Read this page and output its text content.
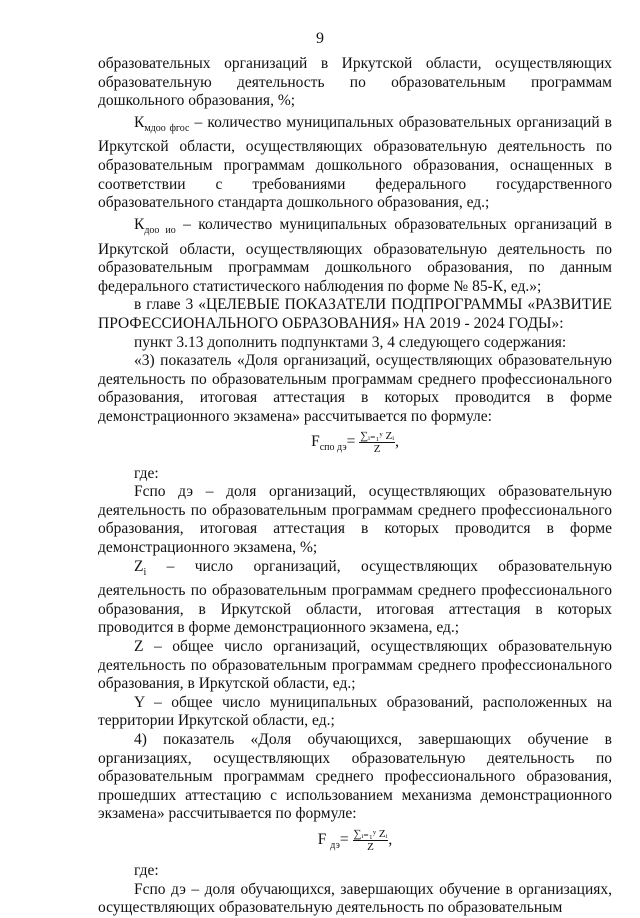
9

образовательных организаций в Иркутской области, осуществляющих образовательную деятельность по образовательным программам дошкольного образования, %;

$К_{мдоо фгос}$ – количество муниципальных образовательных организаций в Иркутской области, осуществляющих образовательную деятельность по образовательным программам дошкольного образования, оснащенных в соответствии с требованиями федерального государственного образовательного стандарта дошкольного образования, ед.;

$К_{доо ио}$ – количество муниципальных образовательных организаций в Иркутской области, осуществляющих образовательную деятельность по образовательным программам дошкольного образования, по данным федерального статистического наблюдения по форме № 85-К, ед.»;

в главе 3 «ЦЕЛЕВЫЕ ПОКАЗАТЕЛИ ПОДПРОГРАММЫ «РАЗВИТИЕ ПРОФЕССИОНАЛЬНОГО ОБРАЗОВАНИЯ» НА 2019 - 2024 ГОДЫ»:

пункт 3.13 дополнить подпунктами 3, 4 следующего содержания:

«3) показатель «Доля организаций, осуществляющих образовательную деятельность по образовательным программам среднего профессионального образования, итоговая аттестация в которых проводится в форме демонстрационного экзамена» рассчитывается по формуле:

$F_{спо дэ}= \frac{\text{∑ᵢ₌₁ʸ Zᵢ}}{Z}$ ,

где:

Fспо дэ – доля организаций, осуществляющих образовательную деятельность по образовательным программам среднего профессионального образования, итоговая аттестация в которых проводится в форме демонстрационного экзамена, %;

$Z_i$ – число организаций, осуществляющих образовательную деятельность по образовательным программам среднего профессионального образования, в Иркутской области, итоговая аттестация в которых проводится в форме демонстрационного экзамена, ед.;

Z – общее число организаций, осуществляющих образовательную деятельность по образовательным программам среднего профессионального образования, в Иркутской области, ед.;

Y – общее число муниципальных образований, расположенных на территории Иркутской области, ед.;

4) показатель «Доля обучающихся, завершающих обучение в организациях, осуществляющих образовательную деятельность по образовательным программам среднего профессионального образования, прошедших аттестацию с использованием механизма демонстрационного экзамена» рассчитывается по формуле:

F $_{дэ}= \frac{\text{∑ᵢ₌₁ʸ Zᵢ}}{Z}$ ,

где:

Fспо дэ – доля обучающихся, завершающих обучение в организациях, осуществляющих образовательную деятельность по образовательным
